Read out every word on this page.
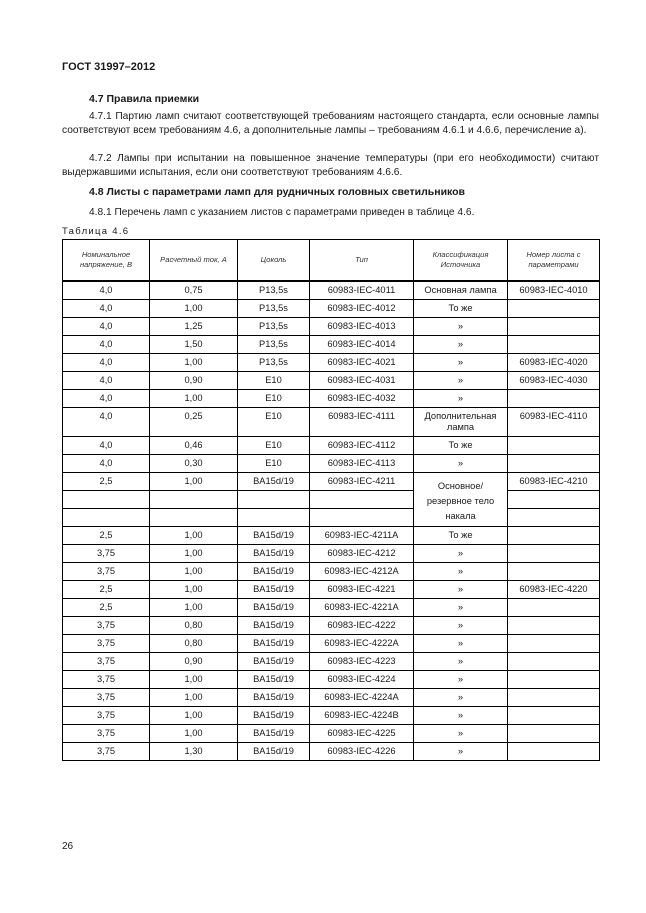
ГОСТ 31997–2012
4.7 Правила приемки
4.7.1 Партию ламп считают соответствующей требованиям настоящего стандарта, если основные лампы соответствуют всем требованиям 4.6, а дополнительные лампы – требованиям 4.6.1 и 4.6.6, перечисление а).
4.7.2 Лампы при испытании на повышенное значение температуры (при его необходимости) считают выдержавшими испытания, если они соответствуют требованиям 4.6.6.
4.8 Листы с параметрами ламп для рудничных головных светильников
4.8.1 Перечень ламп с указанием листов с параметрами приведен в таблице 4.6.
Таблица 4.6
Номинальное напряжение, В	Расчетный ток, А	Цоколь	Тип	Классификация Источника	Номер листа с параметрами
4,0	0,75	P13,5s	60983-IEC-4011	Основная лампа	60983-IEC-4010
4,0	1,00	P13,5s	60983-IEC-4012	То же	
4,0	1,25	P13,5s	60983-IEC-4013	»	
4,0	1,50	P13,5s	60983-IEC-4014	»	
4,0	1,00	P13,5s	60983-IEC-4021	»	60983-IEC-4020
4,0	0,90	E10	60983-IEC-4031	»	60983-IEC-4030
4,0	1,00	E10	60983-IEC-4032	»	
4,0	0,25	E10	60983-IEC-4111	Дополнительная лампа	60983-IEC-4110
4,0	0,46	E10	60983-IEC-4112	То же	
4,0	0,30	E10	60983-IEC-4113	»	
2,5	1,00	BA15d/19	60983-IEC-4211	Основное/ резервное тело накала	60983-IEC-4210

2,5	1,00	BA15d/19	60983-IEC-4211A	То же	
3,75	1,00	BA15d/19	60983-IEC-4212	»	
3,75	1,00	BA15d/19	60983-IEC-4212A	»	
2,5	1,00	BA15d/19	60983-IEC-4221	»	60983-IEC-4220
2,5	1,00	BA15d/19	60983-IEC-4221A	»	
3,75	0,80	BA15d/19	60983-IEC-4222	»	
3,75	0,80	BA15d/19	60983-IEC-4222A	»	
3,75	0,90	BA15d/19	60983-IEC-4223	»	
3,75	1,00	BA15d/19	60983-IEC-4224	»	
3,75	1,00	BA15d/19	60983-IEC-4224A	»	
3,75	1,00	BA15d/19	60983-IEC-4224B	»	
3,75	1,00	BA15d/19	60983-IEC-4225	»	
3,75	1,30	BA15d/19	60983-IEC-4226	»	
26
